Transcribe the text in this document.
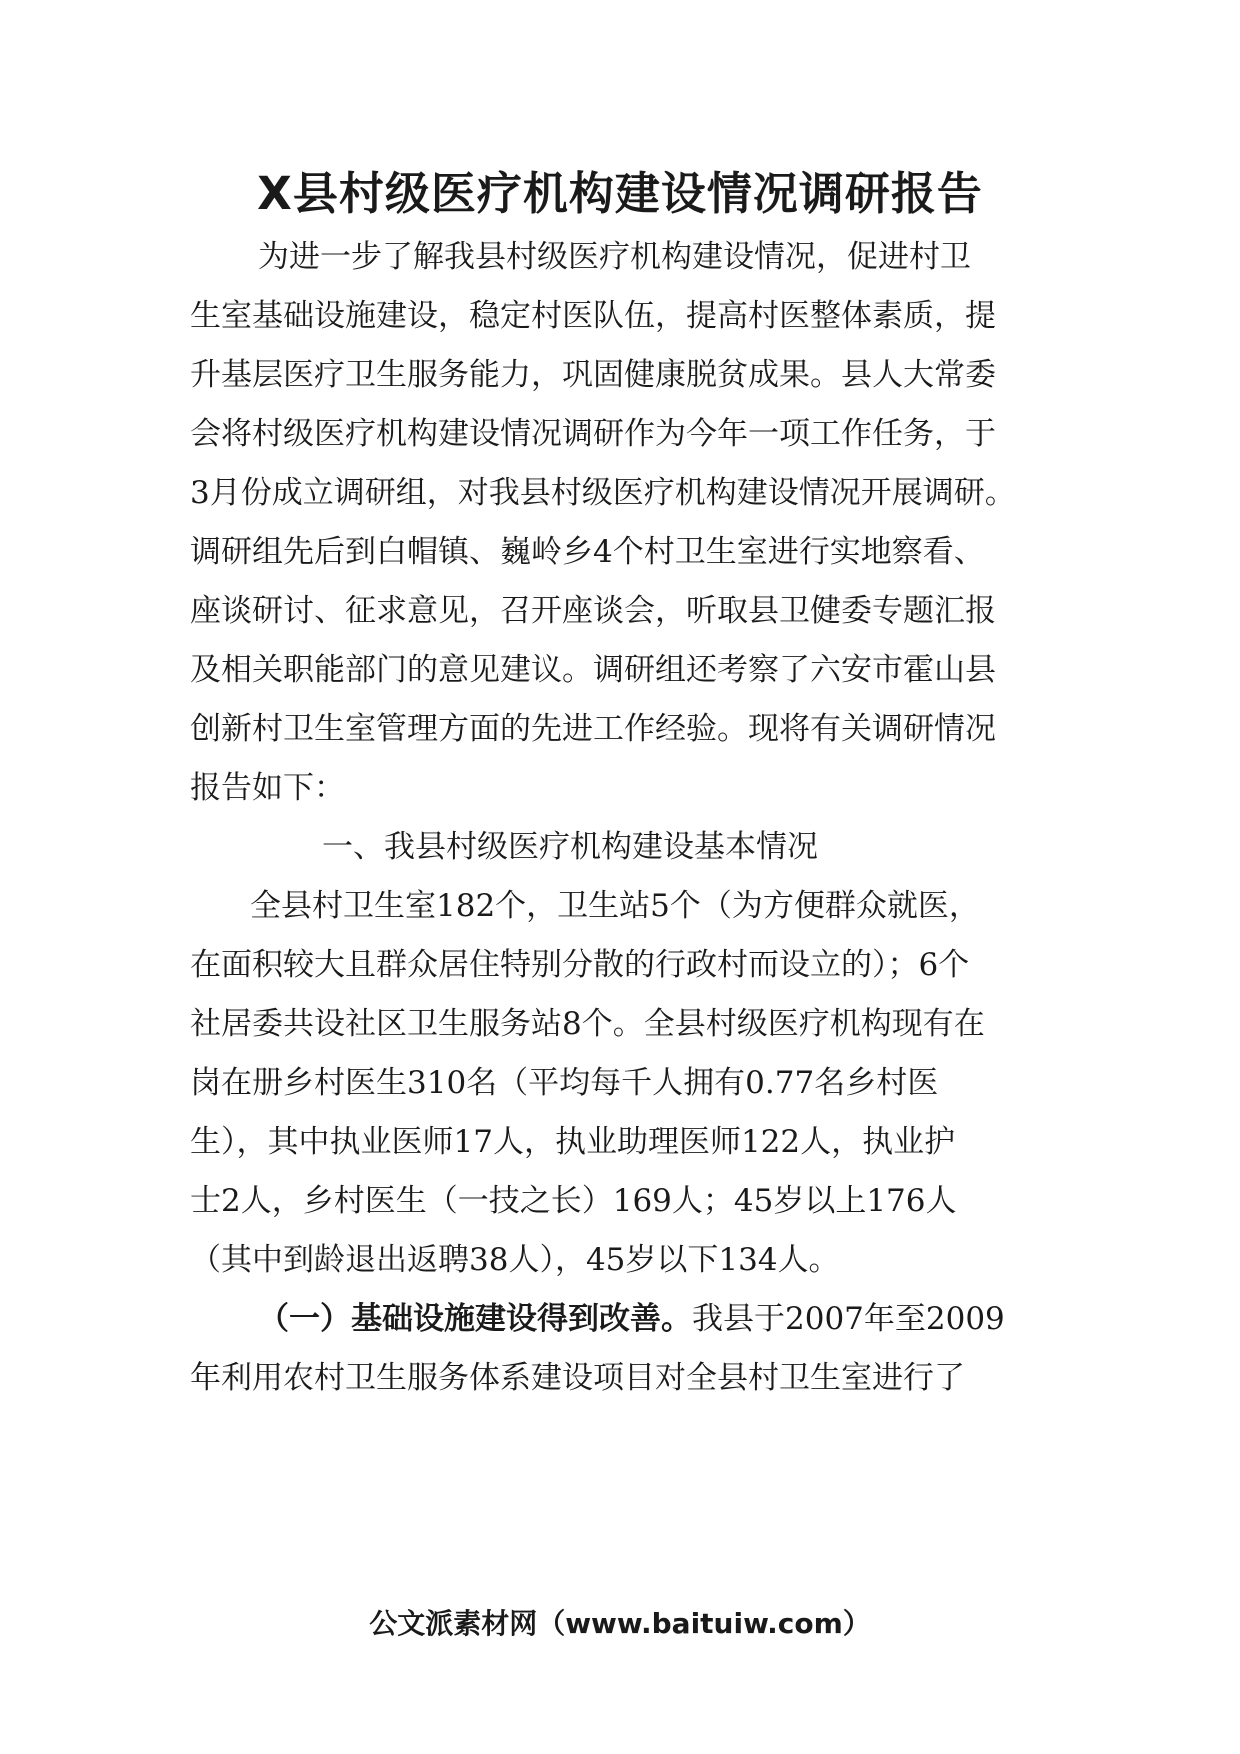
X县村级医疗机构建设情况调研报告

为进一步了解我县村级医疗机构建设情况，促进村卫

生室基础设施建设，稳定村医队伍，提高村医整体素质，提

升基层医疗卫生服务能力，巩固健康脱贫成果。县人大常委

会将村级医疗机构建设情况调研作为今年一项工作任务，于

3月份成立调研组，对我县村级医疗机构建设情况开展调研。

调研组先后到白帽镇、巍岭乡4个村卫生室进行实地察看、

座谈研讨、征求意见，召开座谈会，听取县卫健委专题汇报

及相关职能部门的意见建议。调研组还考察了六安市霍山县

创新村卫生室管理方面的先进工作经验。现将有关调研情况

报告如下：

一、我县村级医疗机构建设基本情况

全县村卫生室182个，卫生站5个（为方便群众就医，

在面积较大且群众居住特别分散的行政村而设立的）；6个

社居委共设社区卫生服务站8个。全县村级医疗机构现有在

岗在册乡村医生310名（平均每千人拥有0.77名乡村医

生），其中执业医师17人，执业助理医师122人，执业护

士2人，乡村医生（一技之长）169人；45岁以上176人

（其中到龄退出返聘38人），45岁以下134人。

（一）基础设施建设得到改善。我县于2007年至2009

年利用农村卫生服务体系建设项目对全县村卫生室进行了

公文派素材网（www.baituiw.com）
